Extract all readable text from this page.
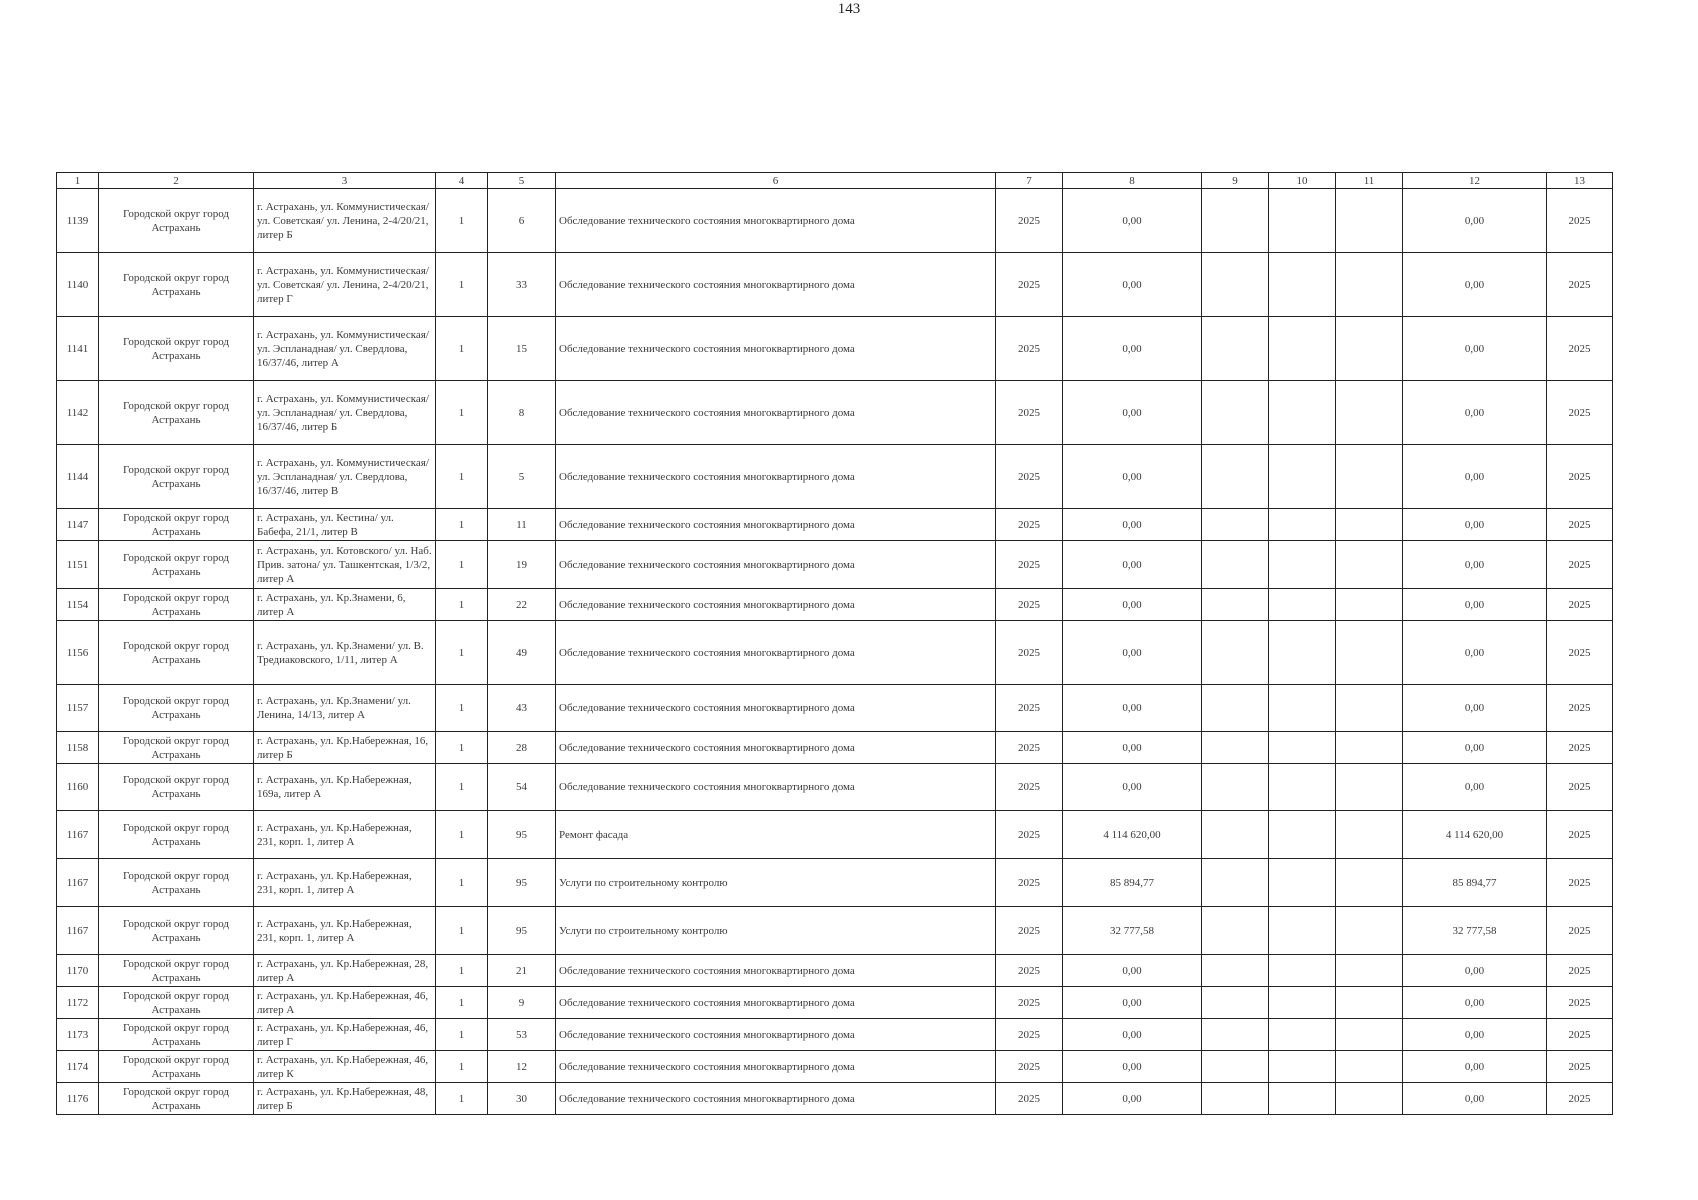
143
1	2	3	4	5	6	7	8	9	10	11	12	13
1139	Городской округ город Астрахань	г. Астрахань, ул. Коммунистическая/ ул. Советская/ ул. Ленина, 2-4/20/21, литер Б	1	6	Обследование технического состояния многоквартирного дома	2025	0,00				0,00	2025
1140	Городской округ город Астрахань	г. Астрахань, ул. Коммунистическая/ ул. Советская/ ул. Ленина, 2-4/20/21, литер Г	1	33	Обследование технического состояния многоквартирного дома	2025	0,00				0,00	2025
1141	Городской округ город Астрахань	г. Астрахань, ул. Коммунистическая/ ул. Эспланадная/ ул. Свердлова, 16/37/46, литер А	1	15	Обследование технического состояния многоквартирного дома	2025	0,00				0,00	2025
1142	Городской округ город Астрахань	г. Астрахань, ул. Коммунистическая/ ул. Эспланадная/ ул. Свердлова, 16/37/46, литер Б	1	8	Обследование технического состояния многоквартирного дома	2025	0,00				0,00	2025
1144	Городской округ город Астрахань	г. Астрахань, ул. Коммунистическая/ ул. Эспланадная/ ул. Свердлова, 16/37/46, литер В	1	5	Обследование технического состояния многоквартирного дома	2025	0,00				0,00	2025
1147	Городской округ город Астрахань	г. Астрахань, ул. Кестина/ ул. Бабефа, 21/1, литер В	1	11	Обследование технического состояния многоквартирного дома	2025	0,00				0,00	2025
1151	Городской округ город Астрахань	г. Астрахань, ул. Котовского/ ул. Наб. Прив. затона/ ул. Ташкентская, 1/3/2, литер А	1	19	Обследование технического состояния многоквартирного дома	2025	0,00				0,00	2025
1154	Городской округ город Астрахань	г. Астрахань, ул. Кр.Знамени, 6, литер А	1	22	Обследование технического состояния многоквартирного дома	2025	0,00				0,00	2025
1156	Городской округ город Астрахань	г. Астрахань, ул. Кр.Знамени/ ул. В. Тредиаковского, 1/11, литер А	1	49	Обследование технического состояния многоквартирного дома	2025	0,00				0,00	2025
1157	Городской округ город Астрахань	г. Астрахань, ул. Кр.Знамени/ ул. Ленина, 14/13, литер А	1	43	Обследование технического состояния многоквартирного дома	2025	0,00				0,00	2025
1158	Городской округ город Астрахань	г. Астрахань, ул. Кр.Набережная, 16, литер Б	1	28	Обследование технического состояния многоквартирного дома	2025	0,00				0,00	2025
1160	Городской округ город Астрахань	г. Астрахань, ул. Кр.Набережная, 169а, литер А	1	54	Обследование технического состояния многоквартирного дома	2025	0,00				0,00	2025
1167	Городской округ город Астрахань	г. Астрахань, ул. Кр.Набережная, 231, корп. 1, литер А	1	95	Ремонт фасада	2025	4 114 620,00				4 114 620,00	2025
1167	Городской округ город Астрахань	г. Астрахань, ул. Кр.Набережная, 231, корп. 1, литер А	1	95	Услуги по строительному контролю	2025	85 894,77				85 894,77	2025
1167	Городской округ город Астрахань	г. Астрахань, ул. Кр.Набережная, 231, корп. 1, литер А	1	95	Услуги по строительному контролю	2025	32 777,58				32 777,58	2025
1170	Городской округ город Астрахань	г. Астрахань, ул. Кр.Набережная, 28, литер А	1	21	Обследование технического состояния многоквартирного дома	2025	0,00				0,00	2025
1172	Городской округ город Астрахань	г. Астрахань, ул. Кр.Набережная, 46, литер А	1	9	Обследование технического состояния многоквартирного дома	2025	0,00				0,00	2025
1173	Городской округ город Астрахань	г. Астрахань, ул. Кр.Набережная, 46, литер Г	1	53	Обследование технического состояния многоквартирного дома	2025	0,00				0,00	2025
1174	Городской округ город Астрахань	г. Астрахань, ул. Кр.Набережная, 46, литер К	1	12	Обследование технического состояния многоквартирного дома	2025	0,00				0,00	2025
1176	Городской округ город Астрахань	г. Астрахань, ул. Кр.Набережная, 48, литер Б	1	30	Обследование технического состояния многоквартирного дома	2025	0,00				0,00	2025
